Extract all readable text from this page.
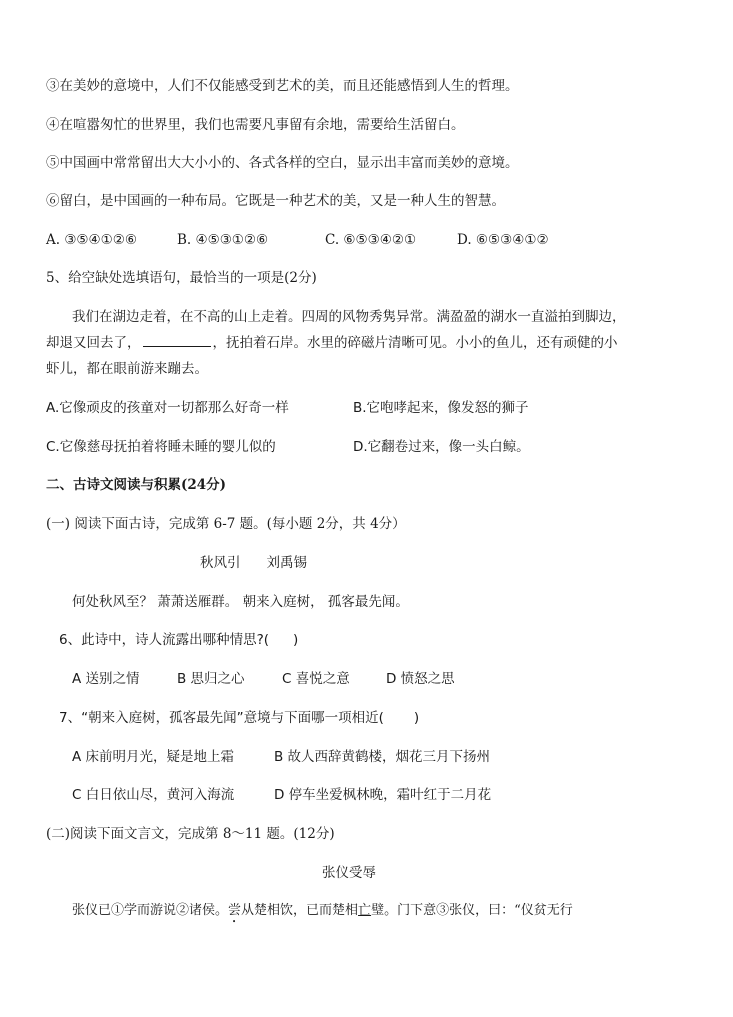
③在美妙的意境中，人们不仅能感受到艺术的美，而且还能感悟到人生的哲理。
④在喧嚣匆忙的世界里，我们也需要凡事留有余地，需要给生活留白。
⑤中国画中常常留出大大小小的、各式各样的空白，显示出丰富而美妙的意境。
⑥留白，是中国画的一种布局。它既是一种艺术的美，又是一种人生的智慧。
A. ③⑤④①②⑥	B. ④⑤③①②⑥	C. ⑥⑤③④②①	D. ⑥⑤③④①②
5、给空缺处选填语句，最恰当的一项是(2分)
我们在湖边走着，在不高的山上走着。四周的风物秀隽异常。满盈盈的湖水一直溢拍到脚边，
却退又回去了，	，抚拍着石岸。水里的碎磁片清晰可见。小小的鱼儿，还有顽健的小
虾儿，都在眼前游来蹦去。
A.它像顽皮的孩童对一切都那么好奇一样	B.它咆哮起来，像发怒的狮子
C.它像慈母抚拍着将睡未睡的婴儿似的	D.它翻卷过来，像一头白鲸。
二、古诗文阅读与积累(24分)
(一) 阅读下面古诗，完成第 6-7 题。(每小题 2分，共 4分）
秋风引 刘禹锡
何处秋风至？ 萧萧送雁群。 朝来入庭树， 孤客最先闻。
6、此诗中，诗人流露出哪种情思?( )
A 送别之情	B 思归之心	C 喜悦之意	D 愤怒之思
7、“朝来入庭树，孤客最先闻”意境与下面哪一项相近( )
A 床前明月光，疑是地上霜	B 故人西辞黄鹤楼，烟花三月下扬州
C 白日依山尽，黄河入海流	D 停车坐爱枫林晚，霜叶红于二月花
(二)阅读下面文言文，完成第 8～11 题。(12分)
张仪受辱
张仪已①学而游说②诸侯。尝从楚相饮，已而楚相亡璧。门下意③张仪，曰：“仪贫无行
